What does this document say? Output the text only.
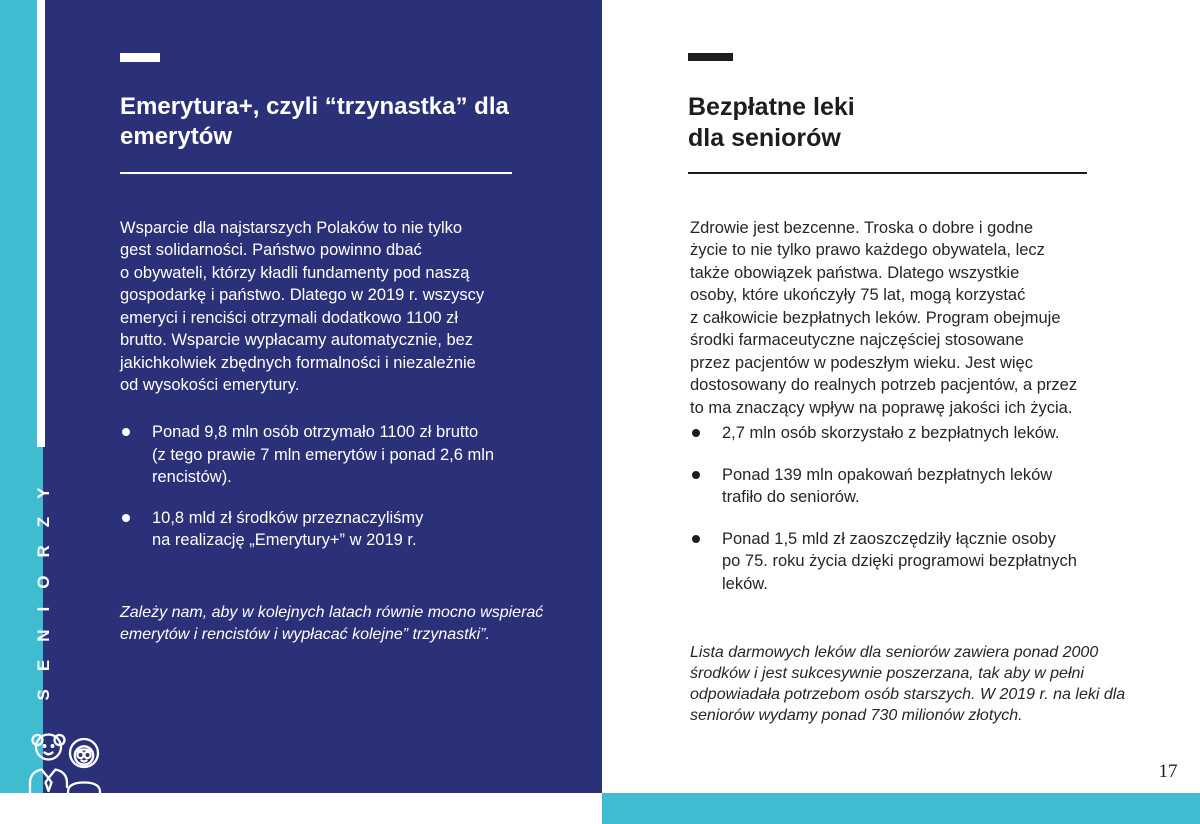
SENIORZY
Emerytura+, czyli “trzynastka” dla
emerytów

Wsparcie dla najstarszych Polaków to nie tylko
gest solidarności. Państwo powinno dbać
o obywateli, którzy kładli fundamenty pod naszą
gospodarkę i państwo. Dlatego w 2019 r. wszyscy
emeryci i renciści otrzymali dodatkowo 1100 zł
brutto. Wsparcie wypłacamy automatycznie, bez
jakichkolwiek zbędnych formalności i niezależnie
od wysokości emerytury.

Ponad 9,8 mln osób otrzymało 1100 zł brutto
(z tego prawie 7 mln emerytów i ponad 2,6 mln
rencistów).
10,8 mld zł środków przeznaczyliśmy
na realizację „Emerytury+” w 2019 r.

Zależy nam, aby w kolejnych latach równie mocno wspierać
emerytów i rencistów i wypłacać kolejne” trzynastki”.

Bezpłatne leki
dla seniorów

Zdrowie jest bezcenne. Troska o dobre i godne
życie to nie tylko prawo każdego obywatela, lecz
także obowiązek państwa. Dlatego wszystkie
osoby, które ukończyły 75 lat, mogą korzystać
z całkowicie bezpłatnych leków. Program obejmuje
środki farmaceutyczne najczęściej stosowane
przez pacjentów w podeszłym wieku. Jest więc
dostosowany do realnych potrzeb pacjentów, a przez
to ma znaczący wpływ na poprawę jakości ich życia.

2,7 mln osób skorzystało z bezpłatnych leków.
Ponad 139 mln opakowań bezpłatnych leków
trafiło do seniorów.
Ponad 1,5 mld zł zaoszczędziły łącznie osoby
po 75. roku życia dzięki programowi bezpłatnych
leków.

Lista darmowych leków dla seniorów zawiera ponad 2000
środków i jest sukcesywnie poszerzana, tak aby w pełni
odpowiadała potrzebom osób starszych. W 2019 r. na leki dla
seniorów wydamy ponad 730 milionów złotych.

17
